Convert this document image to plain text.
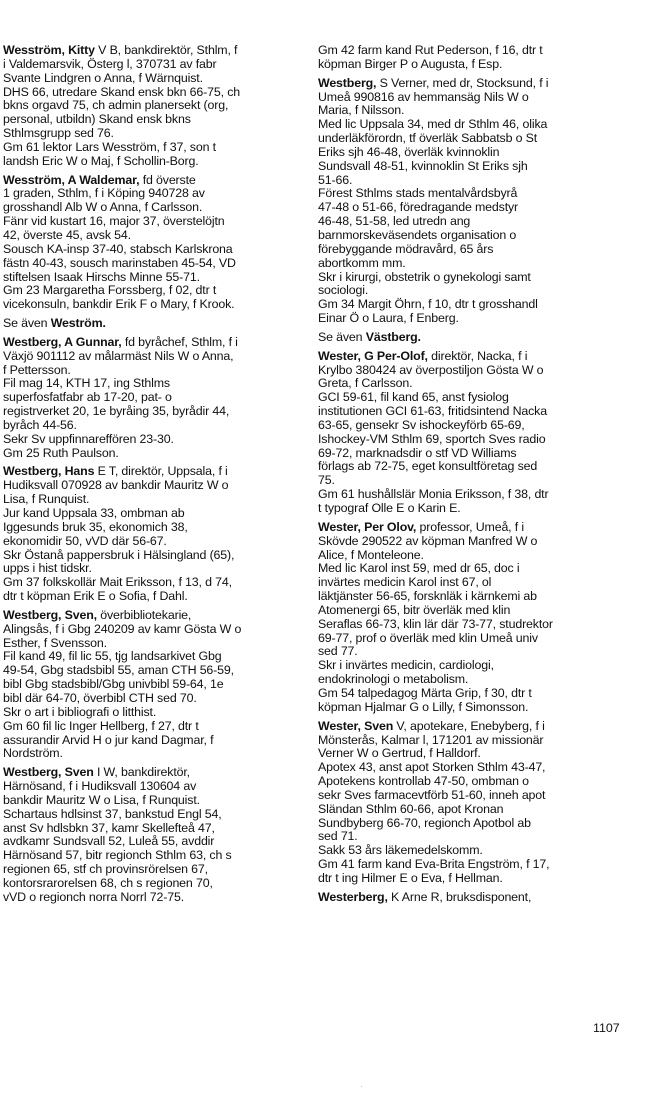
Wesström, Kitty V B, bankdirektör, Sthlm, f
i Valdemarsvik, Österg l, 370731 av fabr
Svante Lindgren o Anna, f Wärnquist.
DHS 66, utredare Skand ensk bkn 66-75, ch
bkns orgavd 75, ch admin planersekt (org,
personal, utbildn) Skand ensk bkns
Sthlmsgrupp sed 76.
Gm 61 lektor Lars Wesström, f 37, son t
landsh Eric W o Maj, f Schollin-Borg.
Wesström, A Waldemar, fd överste
1 graden, Sthlm, f i Köping 940728 av
grosshandl Alb W o Anna, f Carlsson.
Fänr vid kustart 16, major 37, överstelöjtn
42, överste 45, avsk 54.
Sousch KA-insp 37-40, stabsch Karlskrona
fästn 40-43, sousch marinstaben 45-54, VD
stiftelsen Isaak Hirschs Minne 55-71.
Gm 23 Margaretha Forssberg, f 02, dtr t
vicekonsuln, bankdir Erik F o Mary, f Krook.
Se även Weström.
Westberg, A Gunnar, fd byråchef, Sthlm, f i
Växjö 901112 av målarmäst Nils W o Anna,
f Pettersson.
Fil mag 14, KTH 17, ing Sthlms
superfosfatfabr ab 17-20, pat- o
registrverket 20, 1e byråing 35, byrådir 44,
byråch 44-56.
Sekr Sv uppfinnareffören 23-30.
Gm 25 Ruth Paulson.
Westberg, Hans E T, direktör, Uppsala, f i
Hudiksvall 070928 av bankdir Mauritz W o
Lisa, f Runquist.
Jur kand Uppsala 33, ombman ab
Iggesunds bruk 35, ekonomich 38,
ekonomidir 50, vVD där 56-67.
Skr Östanå pappersbruk i Hälsingland (65),
upps i hist tidskr.
Gm 37 folkskollär Mait Eriksson, f 13, d 74,
dtr t köpman Erik E o Sofia, f Dahl.
Westberg, Sven, överbibliotekarie,
Alingsås, f i Gbg 240209 av kamr Gösta W o
Esther, f Svensson.
Fil kand 49, fil lic 55, tjg landsarkivet Gbg
49-54, Gbg stadsbibl 55, aman CTH 56-59,
bibl Gbg stadsbibl/Gbg univbibl 59-64, 1e
bibl där 64-70, överbibl CTH sed 70.
Skr o art i bibliografi o litthist.
Gm 60 fil lic Inger Hellberg, f 27, dtr t
assurandir Arvid H o jur kand Dagmar, f
Nordström.
Westberg, Sven I W, bankdirektör,
Härnösand, f i Hudiksvall 130604 av
bankdir Mauritz W o Lisa, f Runquist.
Schartaus hdlsinst 37, bankstud Engl 54,
anst Sv hdlsbkn 37, kamr Skellefteå 47,
avdkamr Sundsvall 52, Luleå 55, avddir
Härnösand 57, bitr regionch Sthlm 63, ch s
regionen 65, stf ch provinsrörelsen 67,
kontorsrarorelsen 68, ch s regionen 70,
vVD o regionch norra Norrl 72-75.
Gm 42 farm kand Rut Pederson, f 16, dtr t
köpman Birger P o Augusta, f Esp.
Westberg, S Verner, med dr, Stocksund, f i
Umeå 990816 av hemmansäg Nils W o
Maria, f Nilsson.
Med lic Uppsala 34, med dr Sthlm 46, olika
underläkförordn, tf överläk Sabbatsb o St
Eriks sjh 46-48, överläk kvinnoklin
Sundsvall 48-51, kvinnoklin St Eriks sjh
51-66.
Förest Sthlms stads mentalvårdsbyrå
47-48 o 51-66, föredragande medstyr
46-48, 51-58, led utredn ang
barnmorskeväsendets organisation o
förebyggande mödravård, 65 års
abortkomm mm.
Skr i kirurgi, obstetrik o gynekologi samt
sociologi.
Gm 34 Margit Öhrn, f 10, dtr t grosshandl
Einar Ö o Laura, f Enberg.
Se även Västberg.
Wester, G Per-Olof, direktör, Nacka, f i
Krylbo 380424 av överpostiljon Gösta W o
Greta, f Carlsson.
GCI 59-61, fil kand 65, anst fysiolog
institutionen GCI 61-63, fritidsintend Nacka
63-65, gensekr Sv ishockeyförb 65-69,
Ishockey-VM Sthlm 69, sportch Sves radio
69-72, marknadsdir o stf VD Williams
förlags ab 72-75, eget konsultföretag sed
75.
Gm 61 hushållslär Monia Eriksson, f 38, dtr
t typograf Olle E o Karin E.
Wester, Per Olov, professor, Umeå, f i
Skövde 290522 av köpman Manfred W o
Alice, f Monteleone.
Med lic Karol inst 59, med dr 65, doc i
invärtes medicin Karol inst 67, ol
läktjänster 56-65, forsknläk i kärnkemi ab
Atomenergi 65, bitr överläk med klin
Seraflas 66-73, klin lär där 73-77, studrektor
69-77, prof o överläk med klin Umeå univ
sed 77.
Skr i invärtes medicin, cardiologi,
endokrinologi o metabolism.
Gm 54 talpedagog Märta Grip, f 30, dtr t
köpman Hjalmar G o Lilly, f Simonsson.
Wester, Sven V, apotekare, Enebyberg, f i
Mönsterås, Kalmar l, 171201 av missionär
Verner W o Gertrud, f Halldorf.
Apotex 43, anst apot Storken Sthlm 43-47,
Apotekens kontrollab 47-50, ombman o
sekr Sves farmacevtförb 51-60, inneh apot
Sländan Sthlm 60-66, apot Kronan
Sundbyberg 66-70, regionch Apotbol ab
sed 71.
Sakk 53 års läkemedelskomm.
Gm 41 farm kand Eva-Brita Engström, f 17,
dtr t ing Hilmer E o Eva, f Hellman.
Westerberg, K Arne R, bruksdisponent,
1107
·
